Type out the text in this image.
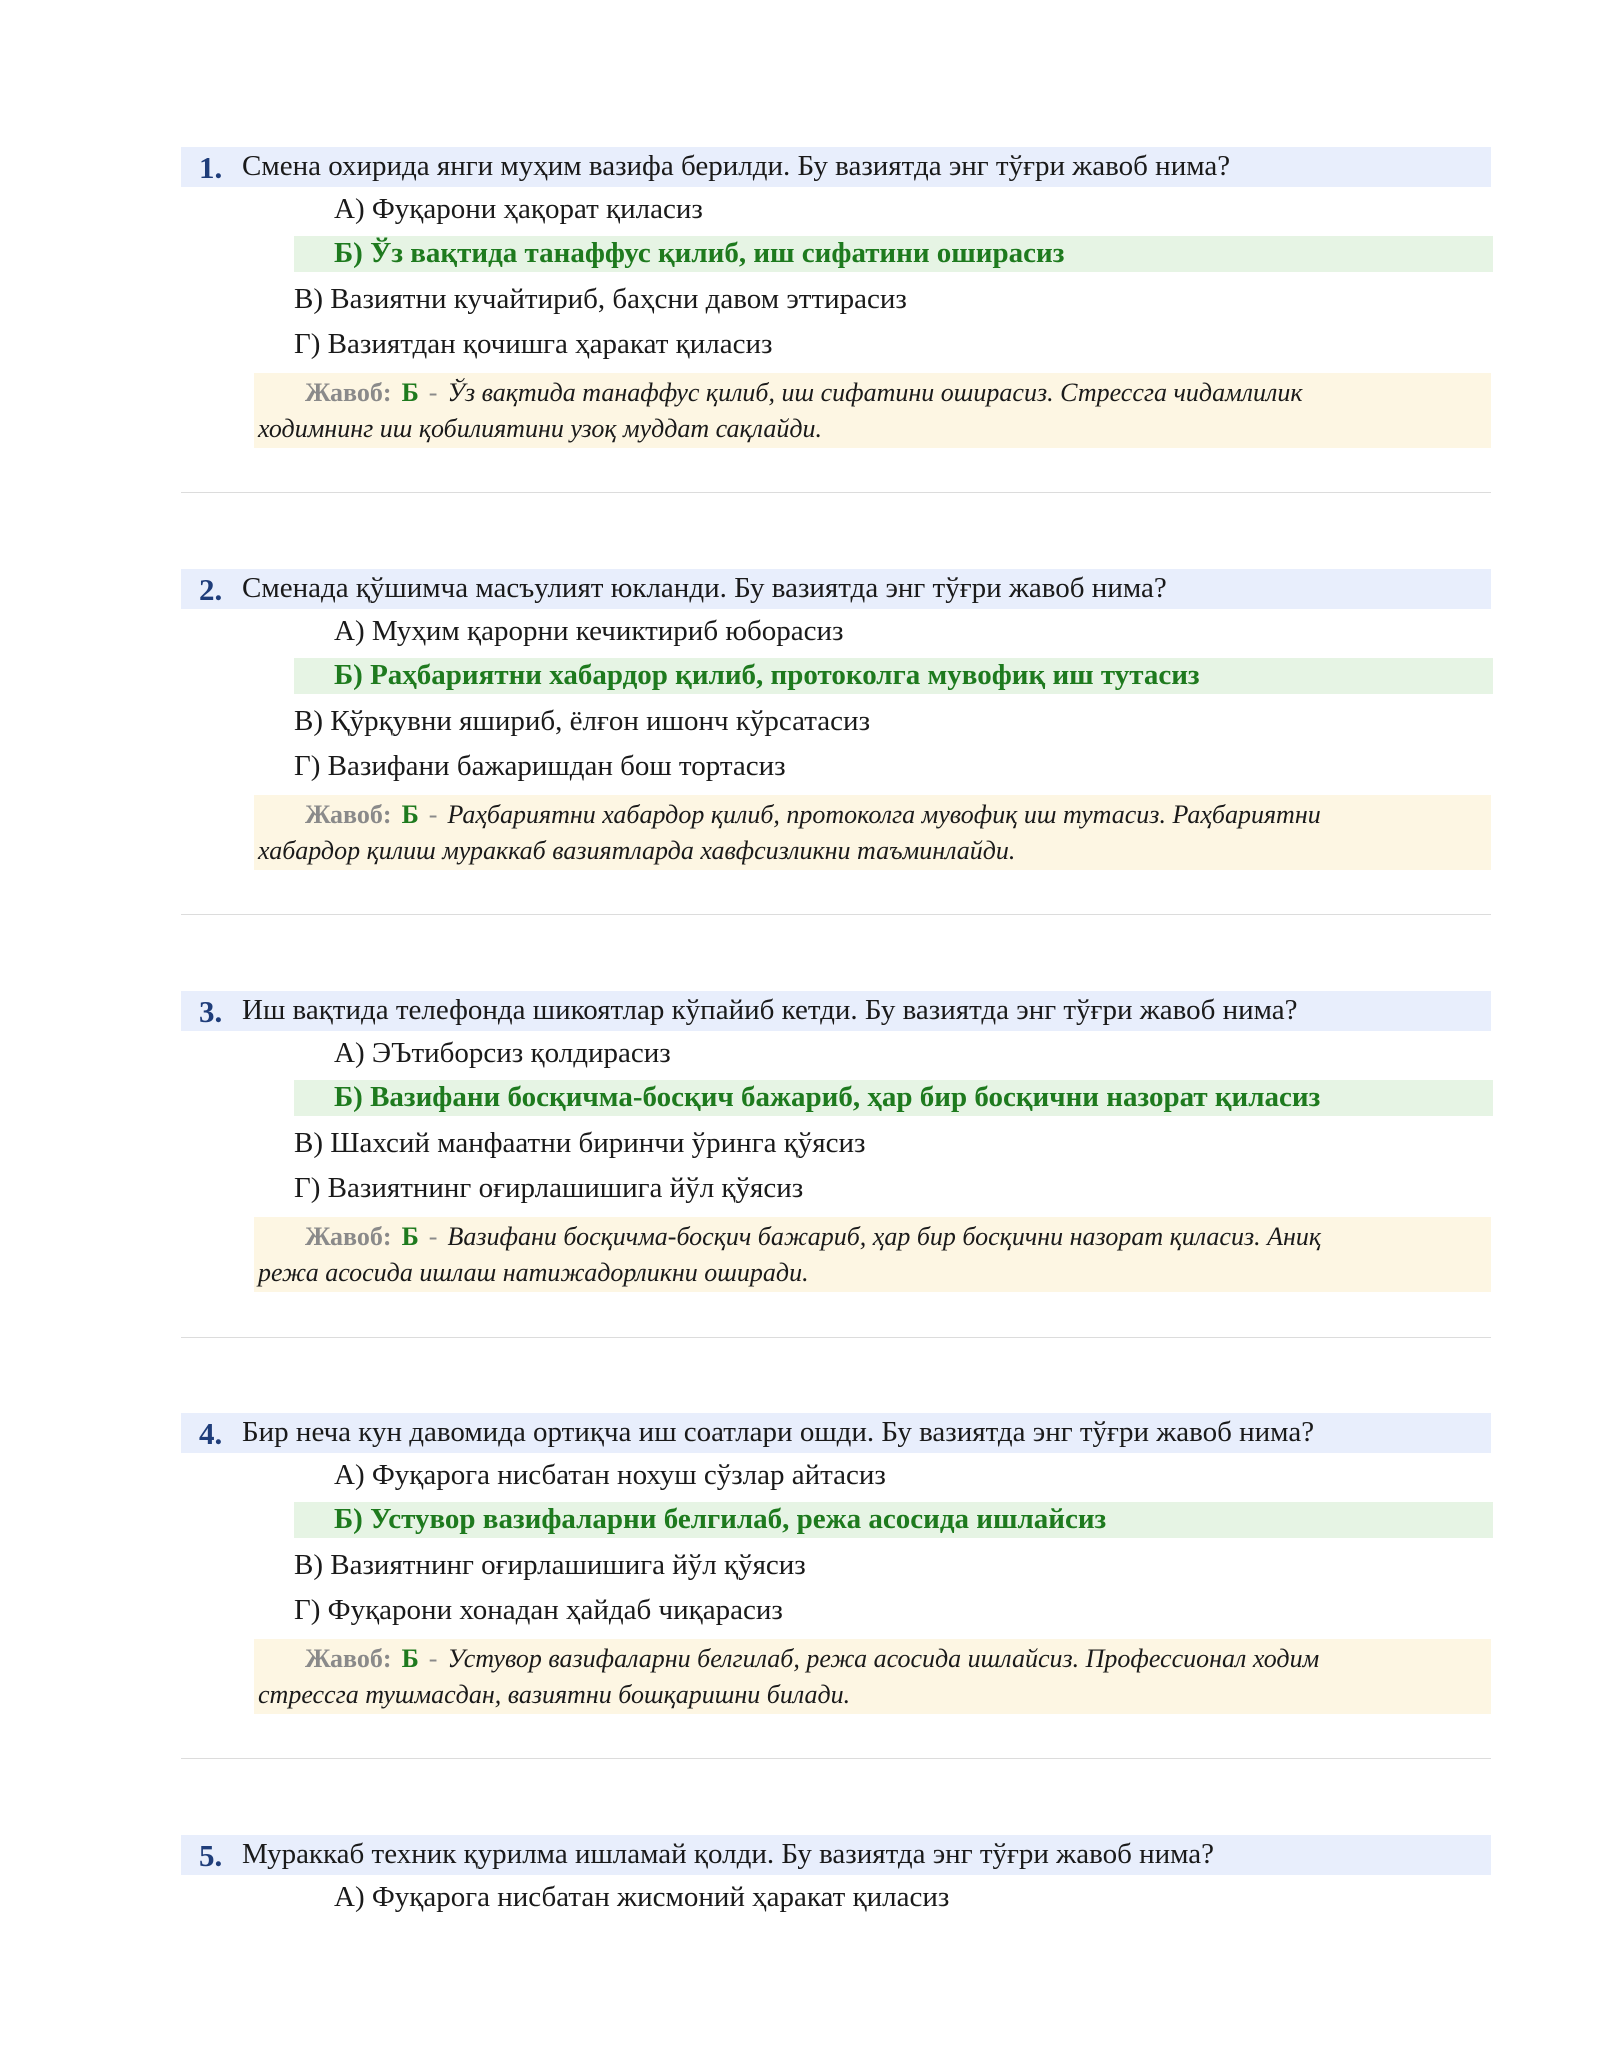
1. Смена охирида янги муҳим вазифа берилди. Бу вазиятда энг тўғри жавоб нима?
А) Фуқарони ҳақорат қиласиз
Б) Ўз вақтида танаффус қилиб, иш сифатини оширасиз
В) Вазиятни кучайтириб, баҳсни давом эттирасиз
Г) Вазиятдан қочишга ҳаракат қиласиз
Жавоб: Б - Ўз вақтида танаффус қилиб, иш сифатини оширасиз. Стрессга чидамлилик
ходимнинг иш қобилиятини узоқ муддат сақлайди.
2. Сменада қўшимча масъулият юкланди. Бу вазиятда энг тўғри жавоб нима?
А) Муҳим қарорни кечиктириб юборасиз
Б) Раҳбариятни хабардор қилиб, протоколга мувофиқ иш тутасиз
В) Қўрқувни яшириб, ёлғон ишонч кўрсатасиз
Г) Вазифани бажаришдан бош тортасиз
Жавоб: Б - Раҳбариятни хабардор қилиб, протоколга мувофиқ иш тутасиз. Раҳбариятни
хабардор қилиш мураккаб вазиятларда хавфсизликни таъминлайди.
3. Иш вақтида телефонда шикоятлар кўпайиб кетди. Бу вазиятда энг тўғри жавоб нима?
А) ЭЪтиборсиз қолдирасиз
Б) Вазифани босқичма-босқич бажариб, ҳар бир босқични назорат қиласиз
В) Шахсий манфаатни биринчи ўринга қўясиз
Г) Вазиятнинг оғирлашишига йўл қўясиз
Жавоб: Б - Вазифани босқичма-босқич бажариб, ҳар бир босқични назорат қиласиз. Аниқ
режа асосида ишлаш натижадорликни оширади.
4. Бир неча кун давомида ортиқча иш соатлари ошди. Бу вазиятда энг тўғри жавоб нима?
А) Фуқарога нисбатан нохуш сўзлар айтасиз
Б) Устувор вазифаларни белгилаб, режа асосида ишлайсиз
В) Вазиятнинг оғирлашишига йўл қўясиз
Г) Фуқарони хонадан ҳайдаб чиқарасиз
Жавоб: Б - Устувор вазифаларни белгилаб, режа асосида ишлайсиз. Профессионал ходим
стрессга тушмасдан, вазиятни бошқаришни билади.
5. Мураккаб техник қурилма ишламай қолди. Бу вазиятда энг тўғри жавоб нима?
А) Фуқарога нисбатан жисмоний ҳаракат қиласиз
